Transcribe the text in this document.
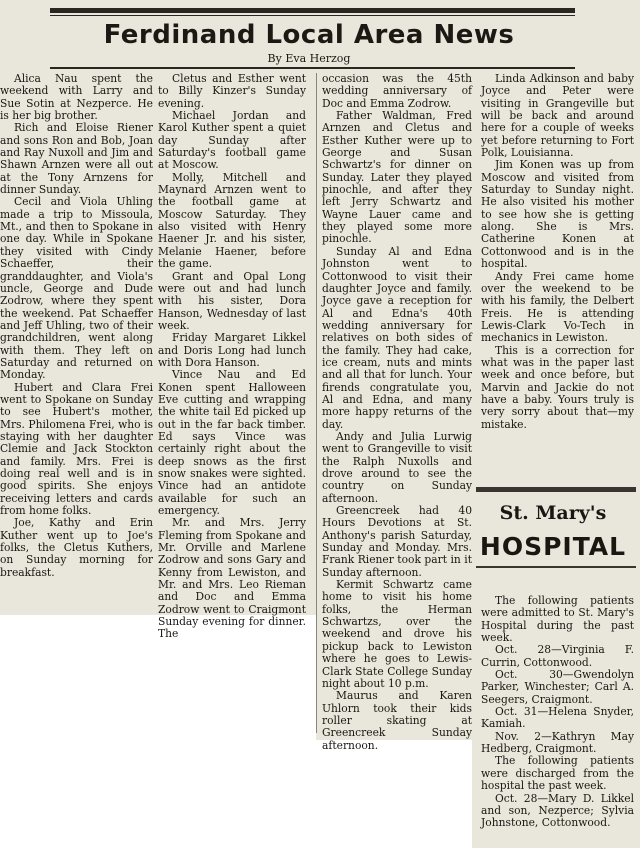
Ferdinand Local Area News
By Eva Herzog

Alica Nau spent the weekend with Larry and Sue Sotin at Nezperce. He is her big brother.

Rich and Eloise Riener and sons Ron and Bob, Joan and Ray Nuxoll and Jim and Shawn Arnzen were all out at the Tony Arnzens for dinner Sunday.

Cecil and Viola Uhling made a trip to Missoula, Mt., and then to Spokane in one day. While in Spokane they visited with Cindy Schaeffer, their granddaughter, and Viola's uncle, George and Dude Zodrow, where they spent the weekend. Pat Schaeffer and Jeff Uhling, two of their grandchildren, went along with them. They left on Saturday and returned on Monday.

Hubert and Clara Frei went to Spokane on Sunday to see Hubert's mother, Mrs. Philomena Frei, who is staying with her daughter Clemie and Jack Stockton and family. Mrs. Frei is doing real well and is in good spirits. She enjoys receiving letters and cards from home folks.

Joe, Kathy and Erin Kuther went up to Joe's folks, the Cletus Kuthers, on Sunday morning for breakfast.

Cletus and Esther went to Billy Kinzer's Sunday evening.

Michael Jordan and Karol Kuther spent a quiet day Sunday after Saturday's football game at Moscow.

Molly, Mitchell and Maynard Arnzen went to the football game at Moscow Saturday. They also visited with Henry Haener Jr. and his sister, Melanie Haener, before the game.

Grant and Opal Long were out and had lunch with his sister, Dora Hanson, Wednesday of last week.

Friday Margaret Likkel and Doris Long had lunch with Dora Hanson.

Vince Nau and Ed Konen spent Halloween Eve cutting and wrapping the white tail Ed picked up out in the far back timber. Ed says Vince was certainly right about the deep snows as the first snow snakes were sighted. Vince had an antidote available for such an emergency.

Mr. and Mrs. Jerry Fleming from Spokane and Mr. Orville and Marlene Zodrow and sons Gary and Kenny from Lewiston, and Mr. and Mrs. Leo Rieman and Doc and Emma Zodrow went to Craigmont Sunday evening for dinner. The

occasion was the 45th wedding anniversary of Doc and Emma Zodrow.

Father Waldman, Fred Arnzen and Cletus and Esther Kuther were up to George and Susan Schwartz's for dinner on Sunday. Later they played pinochle, and after they left Jerry Schwartz and Wayne Lauer came and they played some more pinochle.

Sunday Al and Edna Johnston went to Cottonwood to visit their daughter Joyce and family. Joyce gave a reception for Al and Edna's 40th wedding anniversary for relatives on both sides of the family. They had cake, ice cream, nuts and mints and all that for lunch. Your firends congratulate you, Al and Edna, and many more happy returns of the day.

Andy and Julia Lurwig went to Grangeville to visit the Ralph Nuxolls and drove around to see the country on Sunday afternoon.

Greencreek had 40 Hours Devotions at St. Anthony's parish Saturday, Sunday and Monday. Mrs. Frank Riener took part in it Sunday afternoon.

Kermit Schwartz came home to visit his home folks, the Herman Schwartzs, over the weekend and drove his pickup back to Lewiston where he goes to Lewis-Clark State College Sunday night about 10 p.m.

Maurus and Karen Uhlorn took their kids roller skating at Greencreek Sunday afternoon.

Linda Adkinson and baby Joyce and Peter were visiting in Grangeville but will be back and around here for a couple of weeks yet before returning to Fort Polk, Louisianna.

Jim Konen was up from Moscow and visited from Saturday to Sunday night. He also visited his mother to see how she is getting along. She is Mrs. Catherine Konen at Cottonwood and is in the hospital.

Andy Frei came home over the weekend to be with his family, the Delbert Freis. He is attending Lewis-Clark Vo-Tech in mechanics in Lewiston.

This is a correction for what was in the paper last week and once before, but Marvin and Jackie do not have a baby. Yours truly is very sorry about that—my mistake.

St. Mary's
HOSPITAL

The following patients were admitted to St. Mary's Hospital during the past week.

Oct. 28—Virginia F. Currin, Cottonwood.

Oct. 30—Gwendolyn Parker, Winchester; Carl A. Seegers, Craigmont.

Oct. 31—Helena Snyder, Kamiah.

Nov. 2—Kathryn May Hedberg, Craigmont.

The following patients were discharged from the hospital the past week.

Oct. 28—Mary D. Likkel and son, Nezperce; Sylvia Johnstone, Cottonwood.
